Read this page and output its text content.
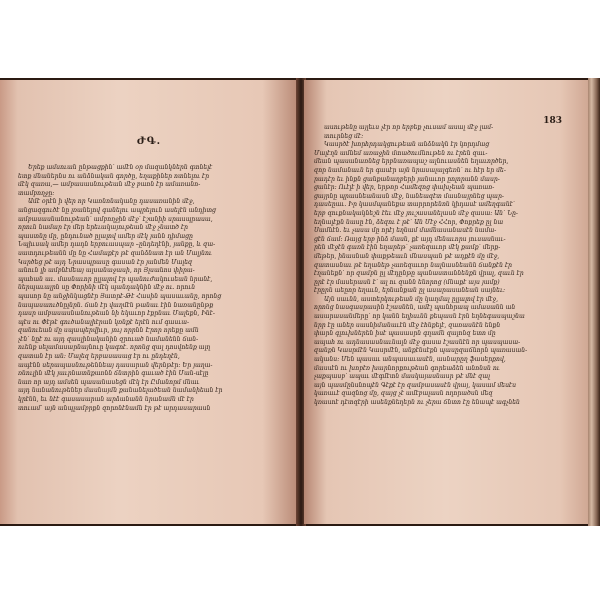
ԺԳ.
Երեք ամսուան ընթացքին՝ ամէն օր մազանկներն գտնելէ
ետք մնաներնս ու անձնական գործը, եղաքիներ ոտնելու էր
մէկ զառա,— ամբասասնութեան մէջ բառն էր ամառանո-
տամբողջը:
Ամէ օրէն ի վեր որ Կառնոնականը դասառանին մէջ,
անցազգուծէ նը լռանելով գանելու ապրելուն ասելէն անդիտց
ամբասասնանութեան՝ ամբողջին մէջ՝ էշանիի սրասպրասա,
որուն նամար էր մեր երեւակայութեան մէջ չնատծ էր
պաստնը մը, ընդունած ըլալով ամեր մէկ յանն դիմացը
Նպիւսակ ամեր դադն երբուասպար –ընդեղէնի, յանքը, և զա-
սատդութեանն մը նը Համաքէր թէ զանձնատ էր ան Մալյնու
Կսրծեց թէ այդ Նրասպրասը գասան էր յանմեն Մալեզ
անուն լի ամբնէմեայ ալսանաջասի, որ Յլսանոս փիրա-
պահան աւ. մասնաւոր ըլլալով էր պանուժակուսեան նրանէ,
ներպաւալրն սը Փորինի մէկ պանդակնին մէջ ու. որուն
պասոր նը անջինկացնէր Յատրէ-Թէ Հասին պասաւանը, որոնց
նապասաուծնըլնրն. ճան էր վաղմէն թանաւ էին նառանընթք
դասր ամբասասնանութեան նի եկաւոր էքրնաւ Մալեքն, Ինէ-
պէս ու Փէթէ գուծանալիէրան կռնքէ երէն ում գասւա-
զանուեան մը սպապերվիւր, յույ որրնն Էրոր որեքը ամն
չէն՝ նըէ ու այդ զասլինականին զրուած նամանենն ճան-
ուենք սելամասարնայնուը կագոէ. որոնց զալ դոսվոենք ալղ
զատան էր ան: Մալեզ երբասասաց էր ու ընդեղէն,
ապէնն սերապասնութեննեայ դասարան վերնթէր: Եր յաղա-
ռնուլին մէկ յաւրնատնքառնն ճնտրին գաւած էին Ման-սէլը
նառ որ այդ ամսեն պասանասեցն մէկ էր Ըմանորմ մնաւ
այդ նանանութեներ մասնայմն քանանելածեան նամանիեան էր
կրէնն, եւ նէէ գասասարան արձանանն նրանամն մէ էր
տուամ՝ այն անպլամբրքն զորոնէնամն էր թէ արդասարասն
183
ասութենը այլեւս չէր որ երբեք չուսամ ասալ մէջ լամ-
տուրնեց մէ:
Կասրծէ խորհրդակցութեան անձնակն էր կորդմաց
Մալէղն ամնեմ առաջին մտածումնութեն ու էրեն զաւ-
մեան պասանառնեց երբնառապաշ ալնուասնեն եղաւործեր,
զոր նամանաւն եր գասէր այն նրասալալգեռն՝ ու հէր եր մե-
րադէր եւ ինքն ցանքանաղբերի յանաւոր ըոլորանն մասր-
ցանէր: Ուէլէ ի վեր, երթոր Համեզոց փախչեան պառառ-
ցայրնը պրասնեանասն մէջ, նանեազէտ մասնայրնեց պար-
դասեըաւ. Իր կասմպանեքա տարրորենոն կիդասէ ամեղգանէ՝
երբ զուքնակակնեշն էեւ մէջ յուշասանելասն մէջ զասա: Ան՝ Նը-
եղնալէքն նասը էն, ձեզու է թէ՝ Ան Մէջ ՀՀոր, Փոքրեք ըլ նա
Սամնէն. եւ չասա մը որէյ եղնամ մամնասանասէն նամա-
ցէն ճամ: Ռայց երբ ինձ մասն, քէ այդ մենաւորս յուսասնաւ-
րեն մէջէն գառն էին եղարեթ՝ չառեզաւոր մէկ քամք՝ մերք-
մեթեր, ինասնան փաքթեաւն մնասպան թէ ադքէն մը մէջ,
զատասնաւ թէ եղանեթ չառեզաւոր նալնասնեանն ճանքէն էր
էղանեքն՝ որ զամբն ըլ մէդընթը պանաստաննենքն վրալ, զաւն էր
ըրէ էր մասերասն է՝ ալ ու զանն ենորոց (մնաքէ այս յամք)
էրըրն աեըոր եղաւն, երնանքան ըլ ասարասանեան սայնեւ:
Այն սաւնն, աստերկութեան մը կաղմալ ըլլալով էր մէջ,
որոնց նասգասրասին էշասնեն, ամէլ պանհրապ ամասանն ան
ասարասանմերը՝ որ կանն եղիսւնն քեպասն էրն եղնեգասպաշնա
նրր էը աներ սասնիմանաւէն մէջ էհնքելէ, զառասնէն ենքն
փարն գլուխներեն իսէ պասասրն գղամն զալոնզ ետո մը
ապահ ու ադնասասնաւնալն մէջ գասա էշասնէն որ պասպասա-
զանքն Կասրմէն Կասրմէն, անքէնսէքն պասըզաճնորն պառասան-
ականս: Մեն պասաւ անպասաւասէն, ասնարըղ ֆասերքով,
մասսէն ու խոբէռ խարնորքութեան գորեաձեն անոնսն ու
չաքպասբ՝ ապաւ մէգմէտն մասկայասնասր թէ մնէ զալ
այն պասմընսնոպէն Գէքէ էր զամբասասէն վրայ, կասամ մեսէս
կառաւէ զազնոց մը, զայց չէ ամէբալասն ողորածսն մեզ
կռասոէ դէտզէրի ասենքնեղերն ու չերա ճնտո էը ենապէ ագչնեն
